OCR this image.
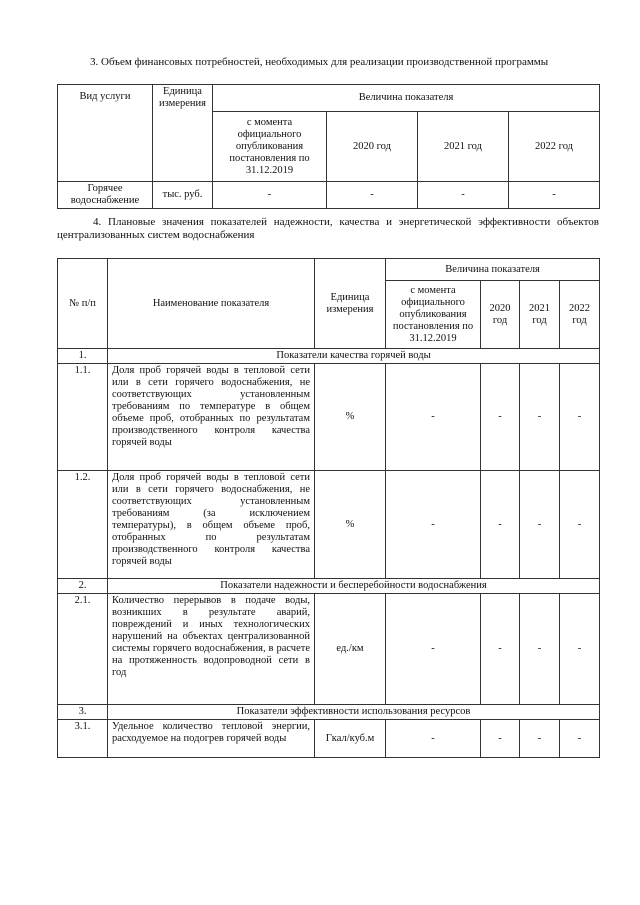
3. Объем финансовых потребностей, необходимых для реализации производственной программы
Вид услуги	Единица измерения	Величина показателя			
		с момента официального опубликования постановления по 31.12.2019	2020 год	2021 год	2022 год
Горячее водоснабжение	тыс. руб.	-	-	-	-
4. Плановые значения показателей надежности, качества и энергетической эффективности объектов централизованных систем водоснабжения
№ п/п	Наименование показателя	Единица измерения	Величина показателя			
			с момента официального опубликования постановления по 31.12.2019	2020 год	2021 год	2022 год
1.	Показатели качества горячей воды					
1.1.	Доля проб горячей воды в тепловой сети или в сети горячего водоснабжения, не соответствующих установленным требованиям по температуре в общем объеме проб, отобранных по результатам производственного контроля качества горячей воды	%	-	-	-	-
1.2.	Доля проб горячей воды в тепловой сети или в сети горячего водоснабжения, не соответствующих установленным требованиям (за исключением температуры), в общем объеме проб, отобранных по результатам производственного контроля качества горячей воды	%	-	-	-	-
2.	Показатели надежности и бесперебойности водоснабжения					
2.1.	Количество перерывов в подаче воды, возникших в результате аварий, повреждений и иных технологических нарушений на объектах централизованной системы горячего водоснабжения, в расчете на протяженность водопроводной сети в год	ед./км	-	-	-	-
3.	Показатели эффективности использования ресурсов					
3.1.	Удельное количество тепловой энергии, расходуемое на подогрев горячей воды	Гкал/куб.м	-	-	-	-
